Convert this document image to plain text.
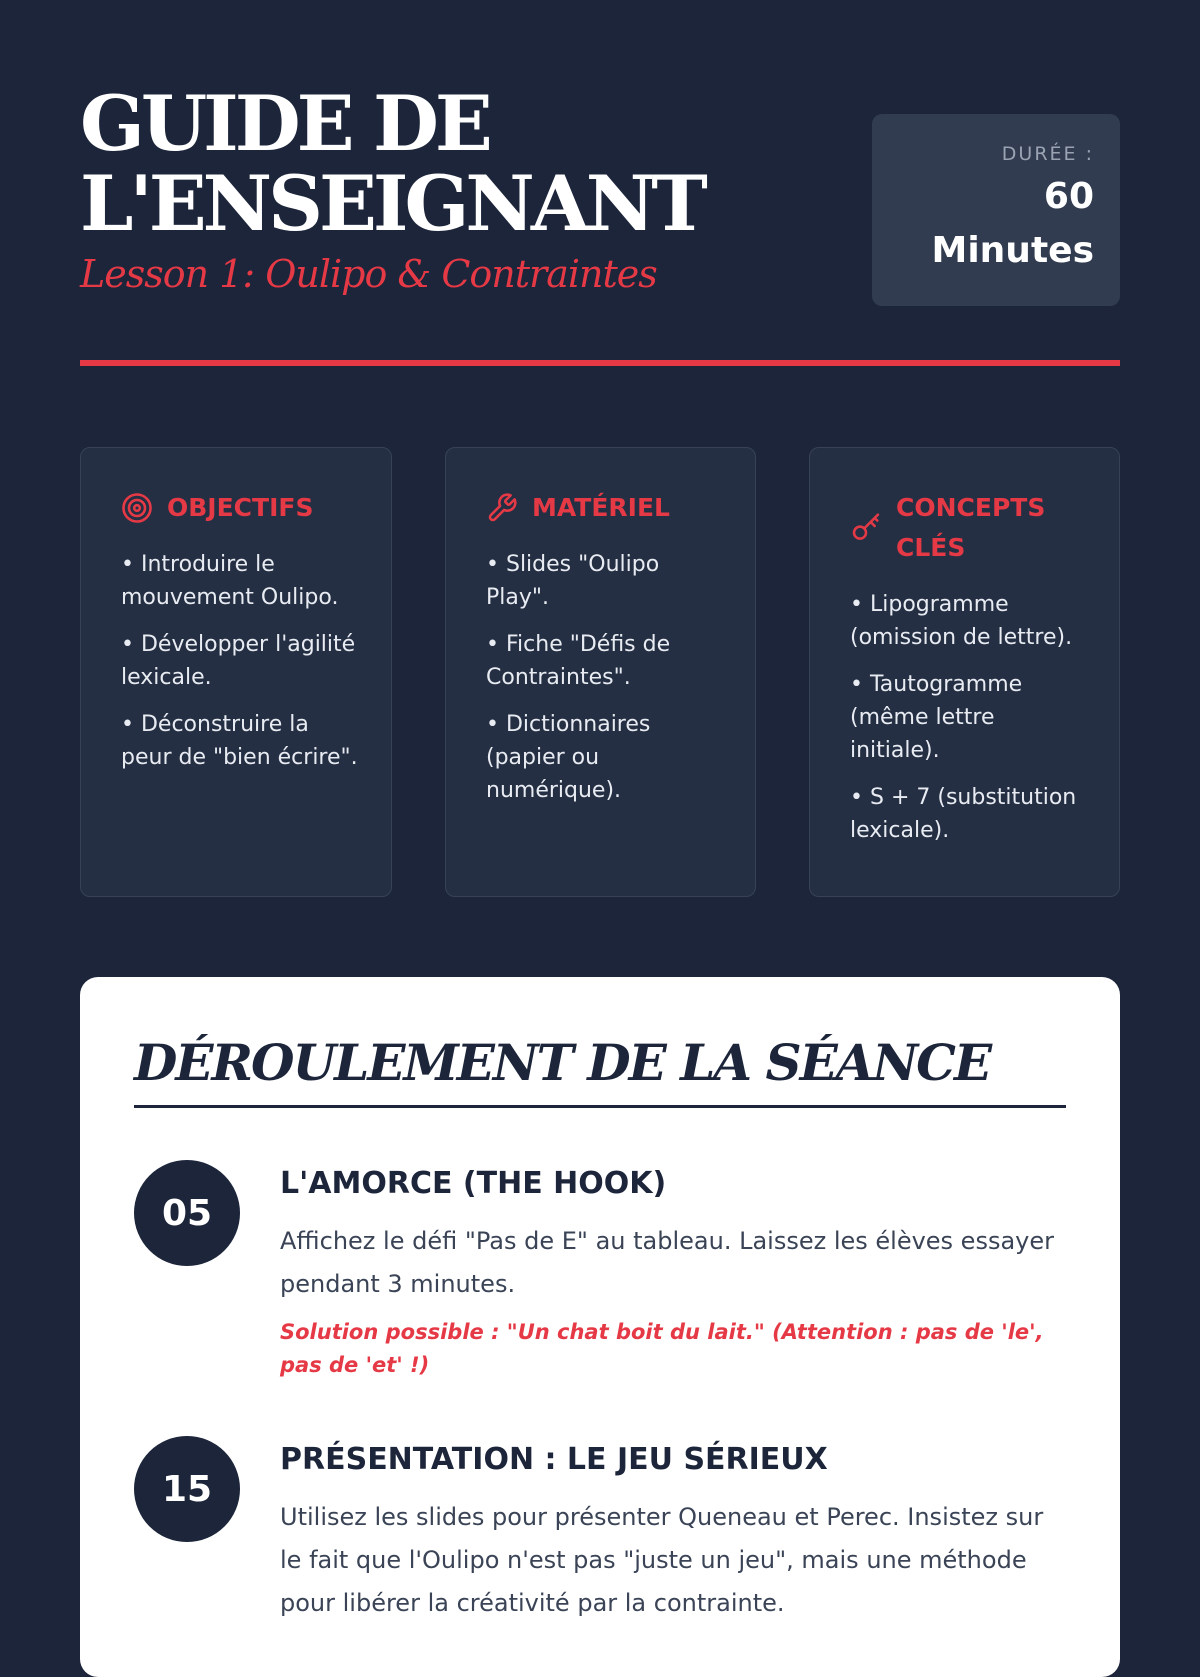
GUIDE DE L'ENSEIGNANT
Lesson 1: Oulipo & Contraintes
DURÉE :
60 Minutes
OBJECTIFS
• Introduire le mouvement Oulipo.
• Développer l'agilité lexicale.
• Déconstruire la peur de "bien écrire".
MATÉRIEL
• Slides "Oulipo Play".
• Fiche "Défis de Contraintes".
• Dictionnaires (papier ou numérique).
CONCEPTS CLÉS
• Lipogramme (omission de lettre).
• Tautogramme (même lettre initiale).
• S + 7 (substitution lexicale).
DÉROULEMENT DE LA SÉANCE
05
L'AMORCE (THE HOOK)

Affichez le défi "Pas de E" au tableau. Laissez les élèves essayer pendant 3 minutes.

Solution possible : "Un chat boit du lait." (Attention : pas de 'le', pas de 'et' !)

15
PRÉSENTATION : LE JEU SÉRIEUX

Utilisez les slides pour présenter Queneau et Perec. Insistez sur le fait que l'Oulipo n'est pas "juste un jeu", mais une méthode pour libérer la créativité par la contrainte.
